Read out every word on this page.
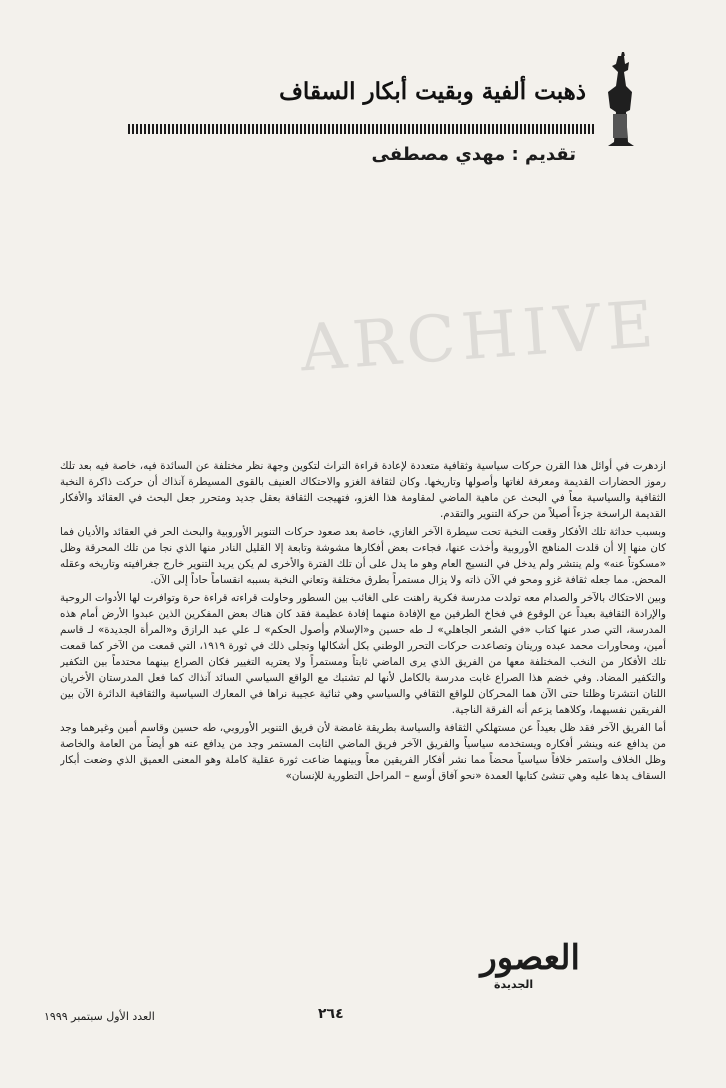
ذهبت ألفية وبقيت أبكار السقاف
تقديم : مهدي مصطفى
ARCHIVE

ازدهرت في أوائل هذا القرن حركات سياسية وثقافية متعددة لإعادة قراءة التراث لتكوين وجهة نظر مختلفة عن السائدة فيه، خاصة فيه بعد تلك رموز الحضارات القديمة ومعرفة لغاتها وأصولها وتاريخها. وكان لثقافة الغزو والاحتكاك العنيف بالقوى المسيطرة آنذاك أن حركت ذاكرة النخبة الثقافية والسياسية معاً في البحث عن ماهية الماضي لمقاومة هذا الغزو، فتهيجت الثقافة بعقل جديد ومتحرر جعل البحث في العقائد والأفكار القديمة الراسخة جزءاً أصيلاً من حركة التنوير والتقدم.

وبسبب حداثة تلك الأفكار وقعت النخبة تحت سيطرة الآخر الغازي، خاصة بعد صعود حركات التنوير الأوروبية والبحث الحر في العقائد والأديان فما كان منها إلا أن قلدت المناهج الأوروبية وأخذت عنها، فجاءت بعض أفكارها مشوشة وتابعة إلا القليل النادر منها الذي نجا من تلك المحرقة وظل «مسكوتاً عنه» ولم ينتشر ولم يدخل في النسيج العام وهو ما يدل على أن تلك الفترة والأخرى لم يكن يريد التنوير خارج جغرافيته وتاريخه وعقله المحض. مما جعله ثقافة غزو ومحو في الآن ذاته ولا يزال مستمراً بطرق مختلفة وتعاني النخبة بسببه انقساماً حاداً إلى الآن.

وبين الاحتكاك بالآخر والصدام معه تولدت مدرسة فكرية راهنت على الغائب بين السطور وحاولت قراءته قراءة حرة وتوافرت لها الأدوات الروحية والإرادة الثقافية بعيداً عن الوقوع في فخاخ الطرفين مع الإفادة منهما إفادة عظيمة فقد كان هناك بعض المفكرين الذين عبدوا الأرض أمام هذه المدرسة، التي صدر عنها كتاب «في الشعر الجاهلي» لـ طه حسين و«الإسلام وأصول الحكم» لـ علي عبد الرازق و«المرأة الجديدة» لـ قاسم أمين، ومحاورات محمد عبده ورينان وتصاعدت حركات التحرر الوطني بكل أشكالها وتجلى ذلك في ثورة ١٩١٩، التي قمعت من الآخر كما قمعت تلك الأفكار من النخب المختلفة معها من الفريق الذي يرى الماضي ثابتاً ومستمراً ولا يعتريه التغيير فكان الصراع بينهما محتدماً بين التكفير والتكفير المضاد. وفي خضم هذا الصراع غابت مدرسة بالكامل لأنها لم تشتبك مع الواقع السياسي السائد آنذاك كما فعل المدرستان الأخريان اللتان انتشرتا وظلتا حتى الآن هما المحركان للواقع الثقافي والسياسي وهي ثنائية عجيبة نراها في المعارك السياسية والثقافية الدائرة الآن بين الفريقين نفسيهما، وكلاهما يزعم أنه الفرقة الناجية.

أما الفريق الآخر فقد ظل بعيداً عن مستهلكي الثقافة والسياسة بطريقة غامضة لأن فريق التنوير الأوروبي، طه حسين وقاسم أمين وغيرهما وجد من يدافع عنه وينشر أفكاره ويستخدمه سياسياً والفريق الآخر فريق الماضي الثابت المستمر وجد من يدافع عنه هو أيضاً من العامة والخاصة وظل الخلاف واستمر خلافاً سياسياً محضاً مما نشر أفكار الفريقين معاً وبينهما ضاعت ثورة عقلية كاملة وهو المعنى العميق الذي وضعت أبكار السقاف يدها عليه وهي تنشئ كتابها العمدة «نحو آفاق أوسع – المراحل التطورية للإنسان»

العصور
الجديدة
٢٦٤
العدد الأول سبتمبر ١٩٩٩
